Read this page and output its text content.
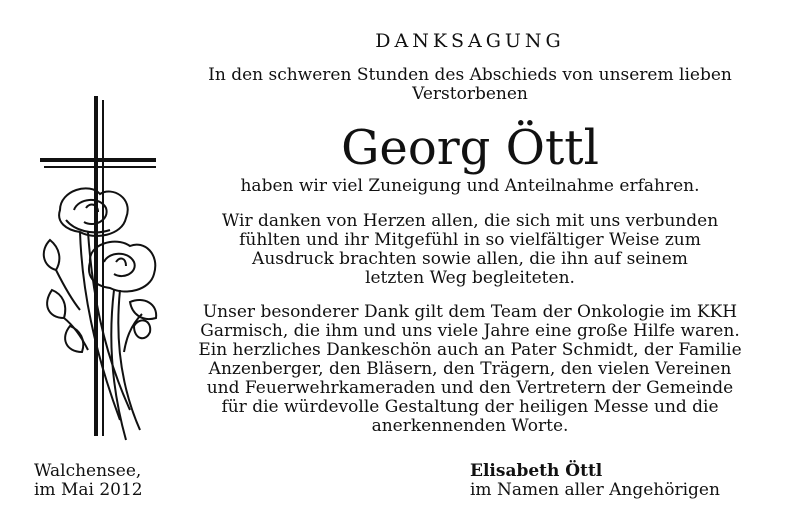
DANKSAGUNG
In den schweren Stunden des Abschieds von unserem lieben
Verstorbenen
Georg Öttl
haben wir viel Zuneigung und Anteilnahme erfahren.
Wir danken von Herzen allen, die sich mit uns verbunden
fühlten und ihr Mitgefühl in so vielfältiger Weise zum
Ausdruck brachten sowie allen, die ihn auf seinem
letzten Weg begleiteten.
Unser besonderer Dank gilt dem Team der Onkologie im KKH
Garmisch, die ihm und uns viele Jahre eine große Hilfe waren.
Ein herzliches Dankeschön auch an Pater Schmidt, der Familie
Anzenberger, den Bläsern, den Trägern, den vielen Vereinen
und Feuerwehrkameraden und den Vertretern der Gemeinde
für die würdevolle Gestaltung der heiligen Messe und die
anerkennenden Worte.
Walchensee,
im Mai 2012
Elisabeth Öttl
im Namen aller Angehörigen
